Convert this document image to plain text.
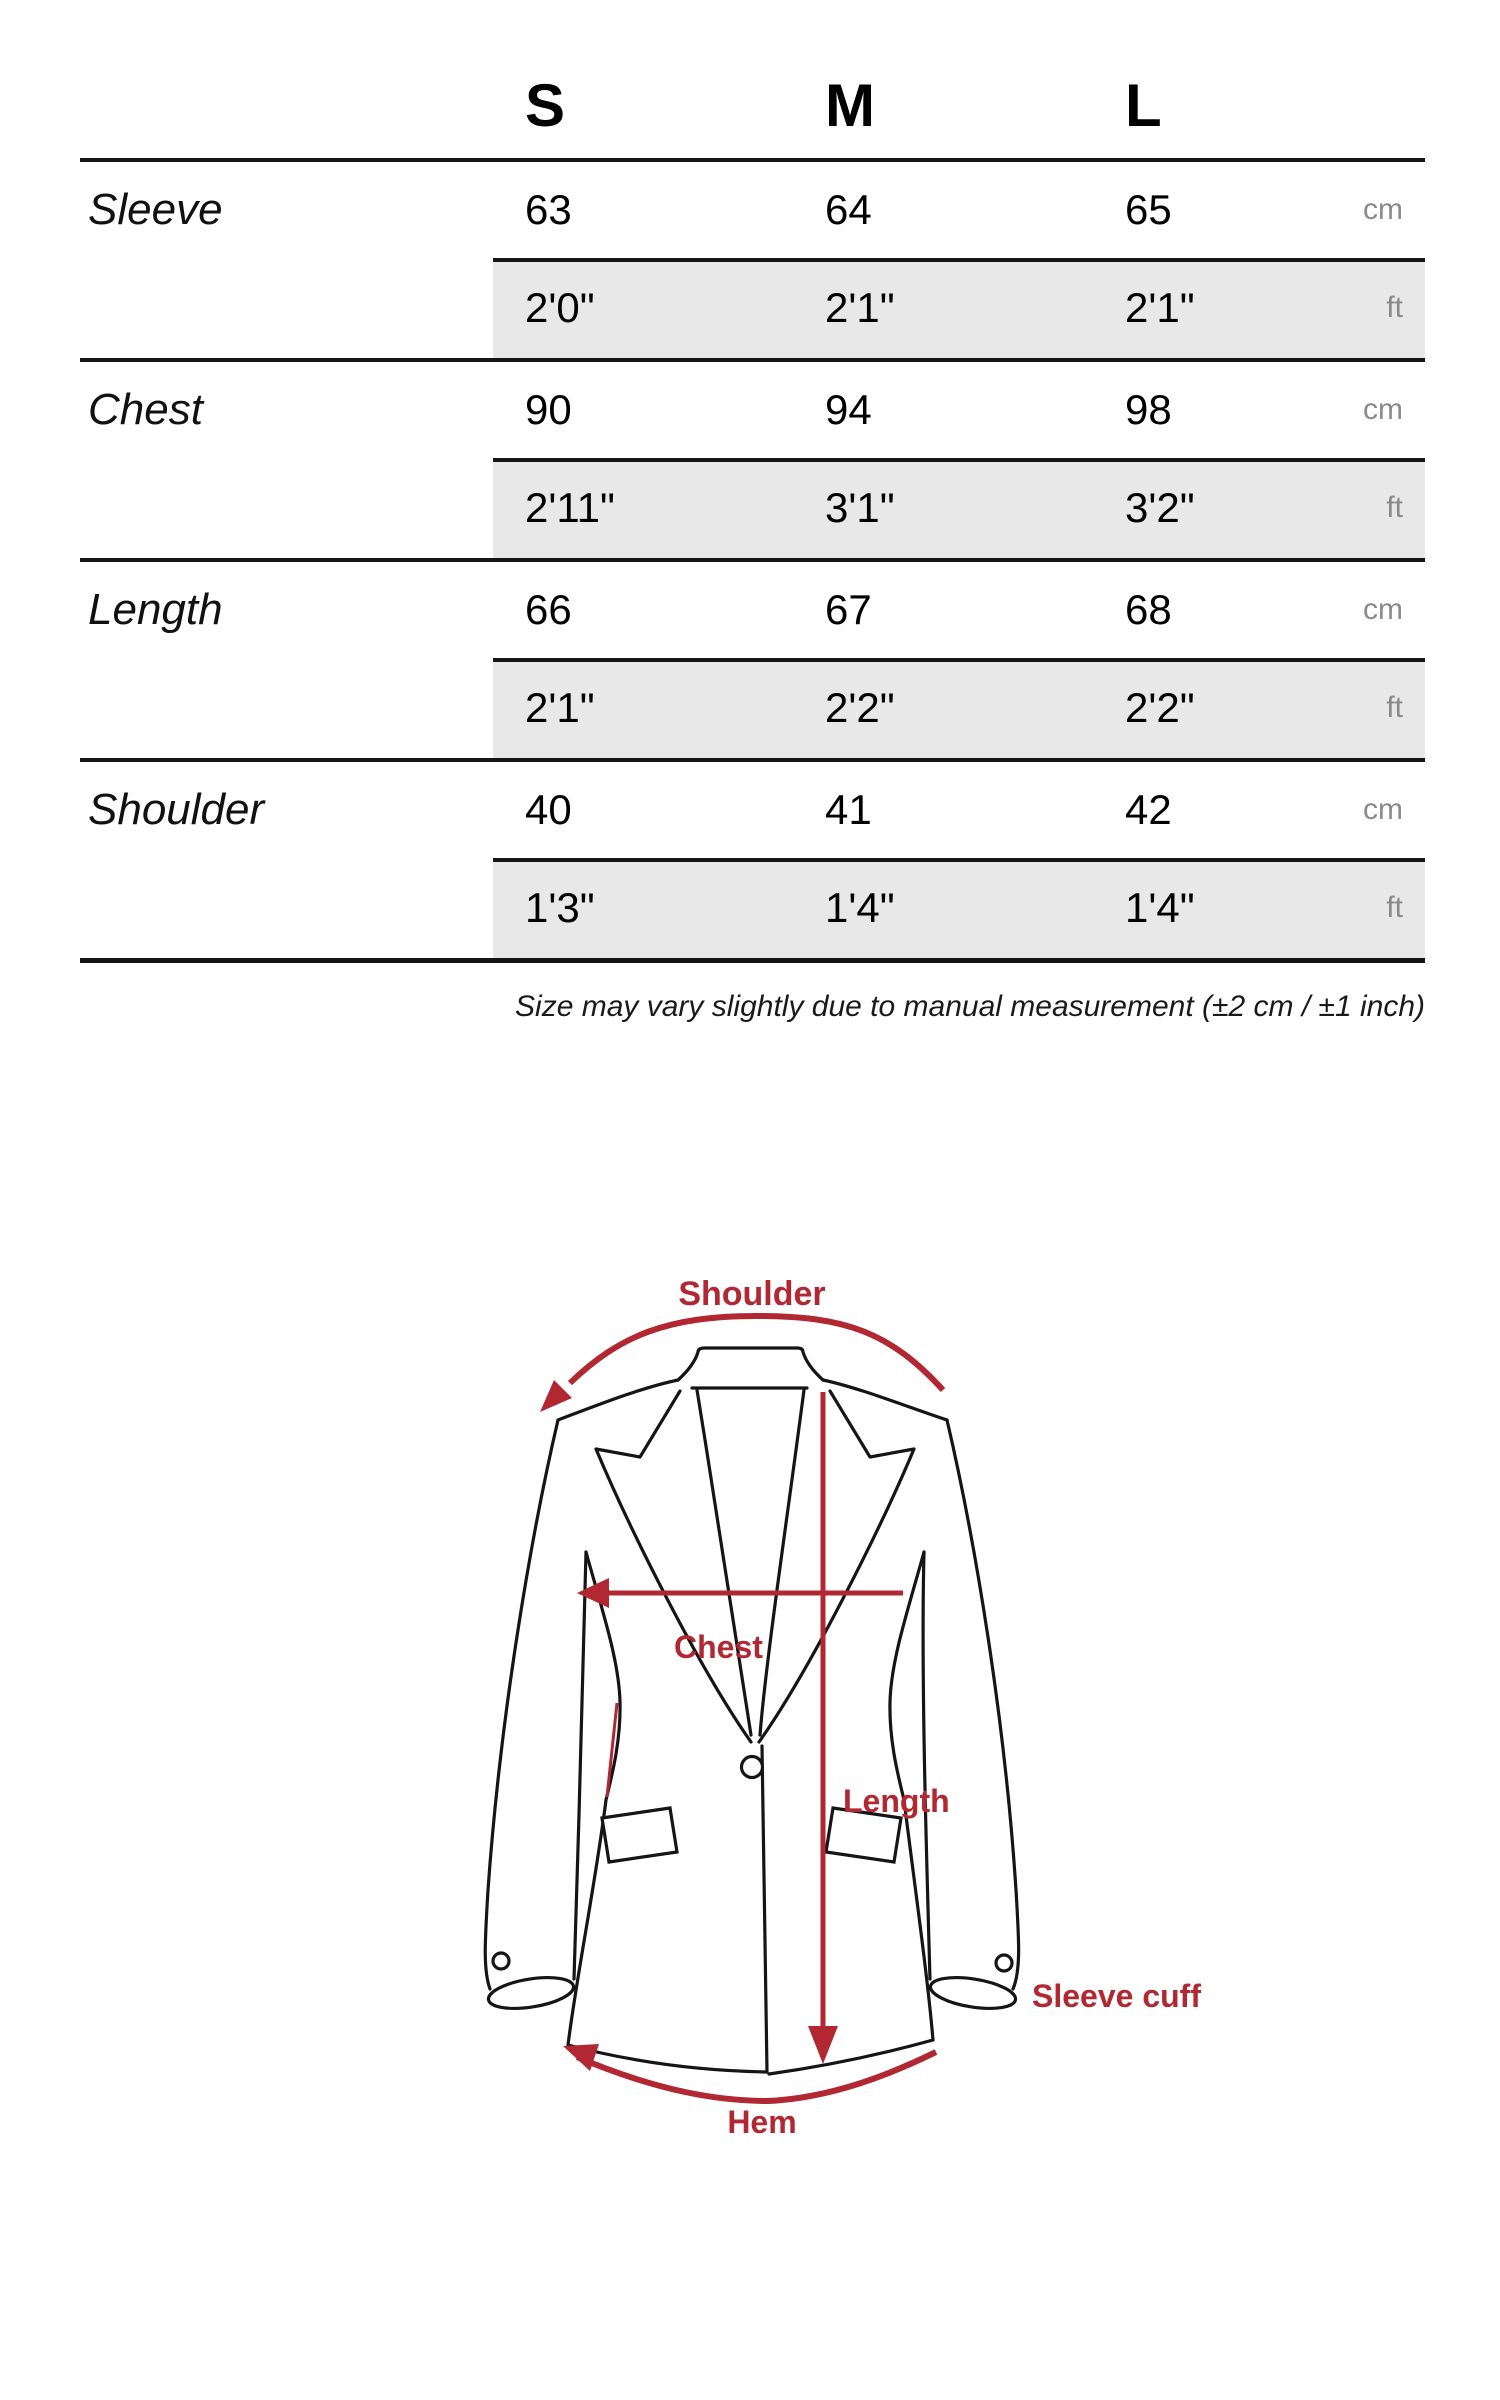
S	M	L
Sleeve	63	64	65	cm
2'0"	2'1"	2'1"	ft
Chest	90	94	98	cm
2'11"	3'1"	3'2"	ft
Length	66	67	68	cm
2'1"	2'2"	2'2"	ft
Shoulder	40	41	42	cm
1'3"	1'4"	1'4"	ft
Size may vary slightly due to manual measurement (±2 cm / ±1 inch)
Shoulder
Chest
Length
Sleeve cuff
Hem
